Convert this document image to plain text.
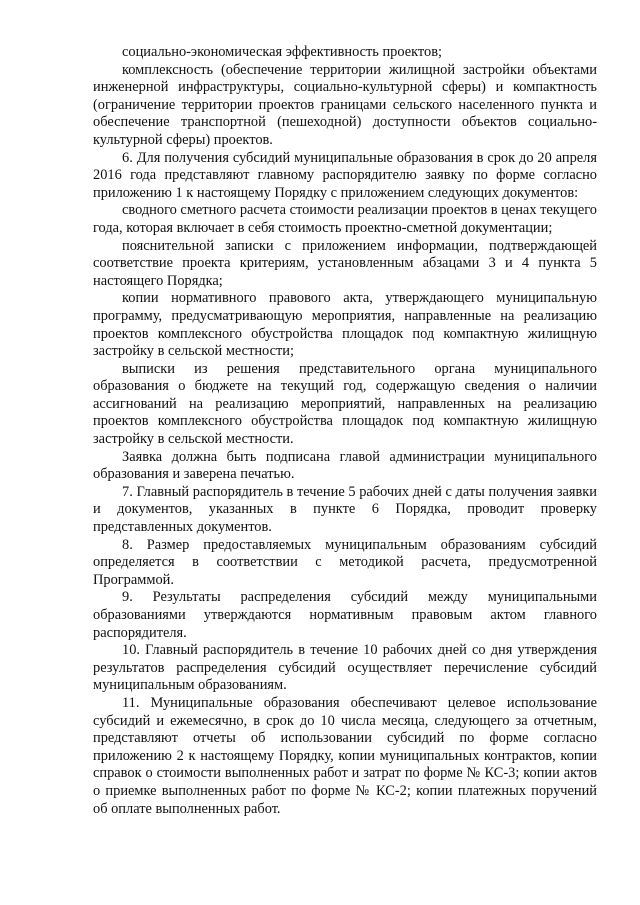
социально-экономическая эффективность проектов;

комплексность (обеспечение территории жилищной застройки объектами инженерной инфраструктуры, социально-культурной сферы) и компактность (ограничение территории проектов границами сельского населенного пункта и обеспечение транспортной (пешеходной) доступности объектов социально-культурной сферы) проектов.

6. Для получения субсидий муниципальные образования в срок до 20 апреля 2016 года представляют главному распорядителю заявку по форме согласно приложению 1 к настоящему Порядку с приложением следующих документов:

сводного сметного расчета стоимости реализации проектов в ценах текущего года, которая включает в себя стоимость проектно-сметной документации;

пояснительной записки с приложением информации, подтверждающей соответствие проекта критериям, установленным абзацами 3 и 4 пункта 5 настоящего Порядка;

копии нормативного правового акта, утверждающего муниципальную программу, предусматривающую мероприятия, направленные на реализацию проектов комплексного обустройства площадок под компактную жилищную застройку в сельской местности;

выписки из решения представительного органа муниципального образования о бюджете на текущий год, содержащую сведения о наличии ассигнований на реализацию мероприятий, направленных на реализацию проектов комплексного обустройства площадок под компактную жилищную застройку в сельской местности.

Заявка должна быть подписана главой администрации муниципального образования и заверена печатью.

7. Главный распорядитель в течение 5 рабочих дней с даты получения заявки и документов, указанных в пункте 6 Порядка, проводит проверку представленных документов.

8. Размер предоставляемых муниципальным образованиям субсидий определяется в соответствии с методикой расчета, предусмотренной Программой.

9. Результаты распределения субсидий между муниципальными образованиями утверждаются нормативным правовым актом главного распорядителя.

10. Главный распорядитель в течение 10 рабочих дней со дня утверждения результатов распределения субсидий осуществляет перечисление субсидий муниципальным образованиям.

11. Муниципальные образования обеспечивают целевое использование субсидий и ежемесячно, в срок до 10 числа месяца, следующего за отчетным, представляют отчеты об использовании субсидий по форме согласно приложению 2 к настоящему Порядку, копии муниципальных контрактов, копии справок о стоимости выполненных работ и затрат по форме № КС-3; копии актов о приемке выполненных работ по форме № КС-2; копии платежных поручений об оплате выполненных работ.
